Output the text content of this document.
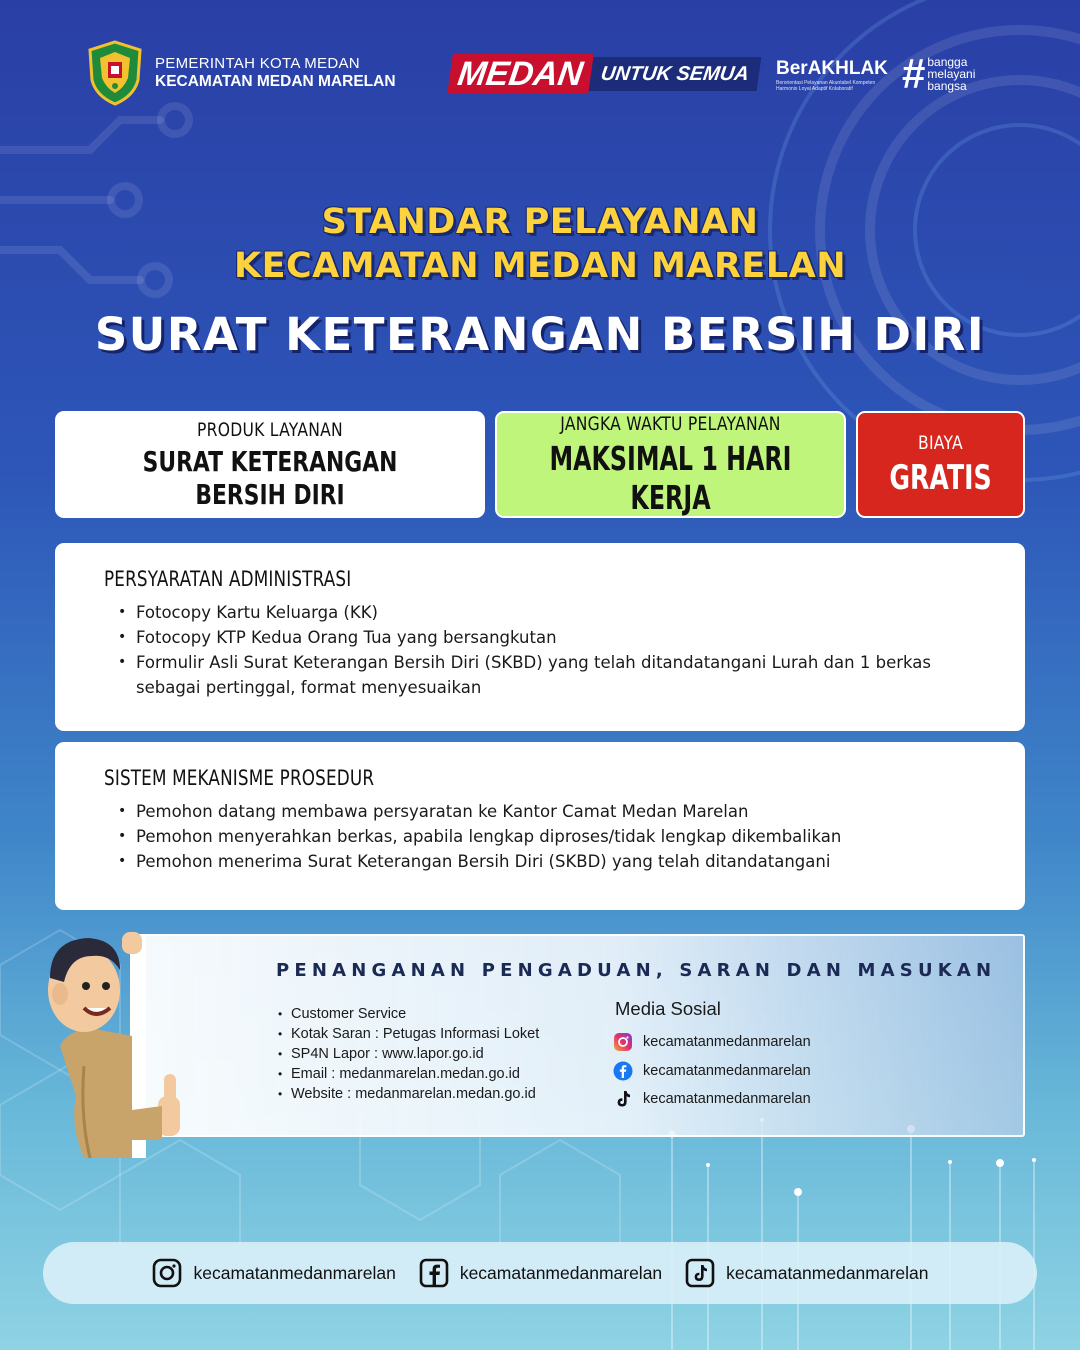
PEMERINTAH KOTA MEDAN
KECAMATAN MEDAN MARELAN MEDAN UNTUK SEMUA	BerAKHLAK
Berorientasi Pelayanan Akuntabel Kompeten Harmonis Loyal Adaptif Kolaboratif	# bangga
melayani
bangsa
STANDAR PELAYANAN
KECAMATAN MEDAN MARELAN
SURAT KETERANGAN BERSIH DIRI
PRODUK LAYANAN
SURAT KETERANGAN BERSIH DIRI
JANGKA WAKTU PELAYANAN
MAKSIMAL 1 HARI KERJA
BIAYA
GRATIS
PERSYARATAN ADMINISTRASI
• Fotocopy Kartu Keluarga (KK)
• Fotocopy KTP Kedua Orang Tua yang bersangkutan
• Formulir Asli Surat Keterangan Bersih Diri (SKBD) yang telah ditandatangani Lurah dan 1 berkas sebagai pertinggal, format menyesuaikan
SISTEM MEKANISME PROSEDUR
• Pemohon datang membawa persyaratan ke Kantor Camat Medan Marelan
• Pemohon menyerahkan berkas, apabila lengkap diproses/tidak lengkap dikembalikan
• Pemohon menerima Surat Keterangan Bersih Diri (SKBD) yang telah ditandatangani
PENANGANAN PENGADUAN, SARAN DAN MASUKAN
• Customer Service
• Kotak Saran : Petugas Informasi Loket
• SP4N Lapor : www.lapor.go.id
• Email : medanmarelan.medan.go.id
• Website : medanmarelan.medan.go.id
Media Sosial
kecamatanmedanmarelan
kecamatanmedanmarelan
kecamatanmedanmarelan
kecamatanmedanmarelan	kecamatanmedanmarelan	kecamatanmedanmarelan
